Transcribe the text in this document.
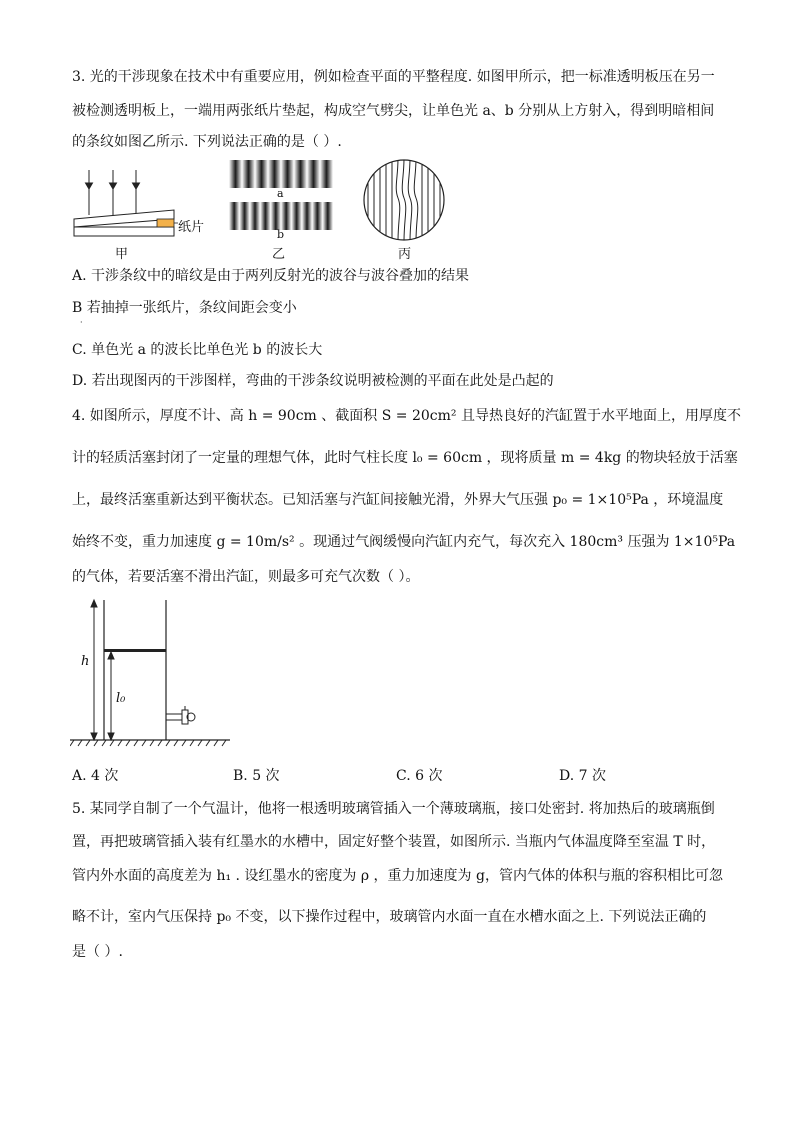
3. 光的干涉现象在技术中有重要应用，例如检查平面的平整程度. 如图甲所示，把一标准透明板压在另一
被检测透明板上，一端用两张纸片垫起，构成空气劈尖，让单色光 a、b 分别从上方射入，得到明暗相间
的条纹如图乙所示. 下列说法正确的是（ ）.
纸片
甲
a
b
乙	丙
A. 干涉条纹中的暗纹是由于两列反射光的波谷与波谷叠加的结果
B 若抽掉一张纸片，条纹间距会变小
·
C. 单色光 a 的波长比单色光 b 的波长大
D. 若出现图丙的干涉图样，弯曲的干涉条纹说明被检测的平面在此处是凸起的
4. 如图所示，厚度不计、高 h = 90cm 、截面积 S = 20cm² 且导热良好的汽缸置于水平地面上，用厚度不
计的轻质活塞封闭了一定量的理想气体，此时气柱长度 l₀ = 60cm ，现将质量 m = 4kg 的物块轻放于活塞
上，最终活塞重新达到平衡状态。已知活塞与汽缸间接触光滑，外界大气压强 p₀ = 1×10⁵Pa ，环境温度
始终不变，重力加速度 g = 10m/s² 。现通过气阀缓慢向汽缸内充气，每次充入 180cm³ 压强为 1×10⁵Pa
的气体，若要活塞不滑出汽缸，则最多可充气次数（ ）。
h
l₀
A. 4 次	B. 5 次	C. 6 次	D. 7 次
5. 某同学自制了一个气温计，他将一根透明玻璃管插入一个薄玻璃瓶，接口处密封. 将加热后的玻璃瓶倒
置，再把玻璃管插入装有红墨水的水槽中，固定好整个装置，如图所示. 当瓶内气体温度降至室温 T 时，
管内外水面的高度差为 h₁ . 设红墨水的密度为 ρ ，重力加速度为 g，管内气体的体积与瓶的容积相比可忽
略不计，室内气压保持 p₀ 不变，以下操作过程中，玻璃管内水面一直在水槽水面之上. 下列说法正确的
是（ ）.
